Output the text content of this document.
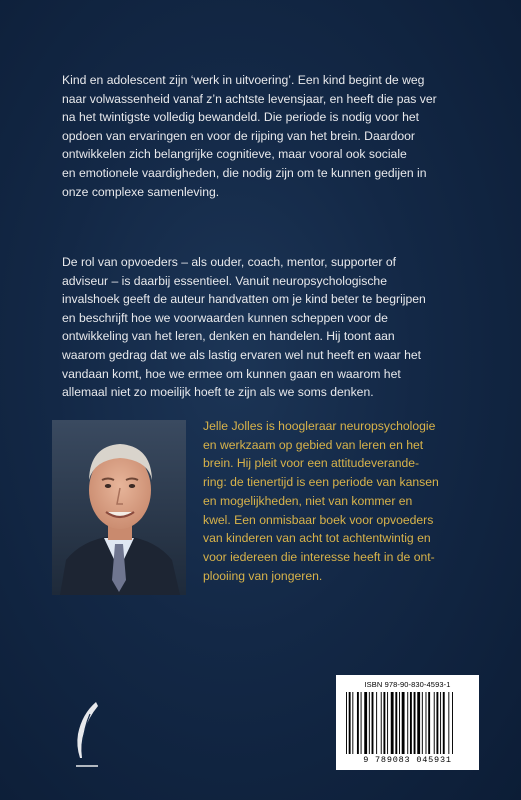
Kind en adolescent zijn ‘werk in uitvoering’. Een kind begint de weg
naar volwassenheid vanaf z’n achtste levensjaar, en heeft die pas ver
na het twintigste volledig bewandeld. Die periode is nodig voor het
opdoen van ervaringen en voor de rijping van het brein. Daardoor
ontwikkelen zich belangrijke cognitieve, maar vooral ook sociale
en emotionele vaardigheden, die nodig zijn om te kunnen gedijen in
onze complexe samenleving.

De rol van opvoeders – als ouder, coach, mentor, supporter of
adviseur – is daarbij essentieel. Vanuit neuropsychologische
invalshoek geeft de auteur handvatten om je kind beter te begrijpen
en beschrijft hoe we voorwaarden kunnen scheppen voor de
ontwikkeling van het leren, denken en handelen. Hij toont aan
waarom gedrag dat we als lastig ervaren wel nut heeft en waar het
vandaan komt, hoe we ermee om kunnen gaan en waarom het
allemaal niet zo moeilijk hoeft te zijn als we soms denken.

Jelle Jolles is hoogleraar neuropsychologie
en werkzaam op gebied van leren en het
brein. Hij pleit voor een attitudeverande-
ring: de tienertijd is een periode van kansen
en mogelijkheden, niet van kommer en
kwel. Een onmisbaar boek voor opvoeders
van kinderen van acht tot achtentwintig en
voor iedereen die interesse heeft in de ont-
plooiing van jongeren.

ISBN 978-90-830-4593-1
9 789083 045931
